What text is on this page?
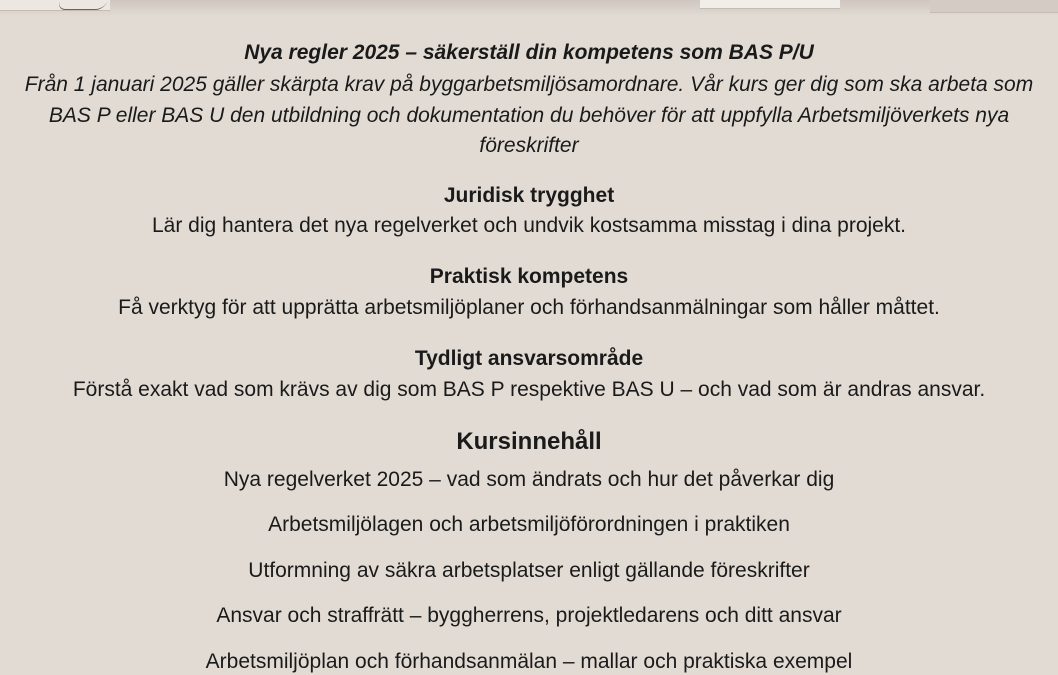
Nya regler 2025 – säkerställ din kompetens som BAS P/U
Från 1 januari 2025 gäller skärpta krav på byggarbetsmiljösamordnare. Vår kurs ger dig som ska arbeta som BAS P eller BAS U den utbildning och dokumentation du behöver för att uppfylla Arbetsmiljöverkets nya föreskrifter
Juridisk trygghet
Lär dig hantera det nya regelverket och undvik kostsamma misstag i dina projekt.
Praktisk kompetens
Få verktyg för att upprätta arbetsmiljöplaner och förhandsanmälningar som håller måttet.
Tydligt ansvarsområde
Förstå exakt vad som krävs av dig som BAS P respektive BAS U – och vad som är andras ansvar.
Kursinnehåll
Nya regelverket 2025 – vad som ändrats och hur det påverkar dig
Arbetsmiljölagen och arbetsmiljöförordningen i praktiken
Utformning av säkra arbetsplatser enligt gällande föreskrifter
Ansvar och straffrätt – byggherrens, projektledarens och ditt ansvar
Arbetsmiljöplan och förhandsanmälan – mallar och praktiska exempel
